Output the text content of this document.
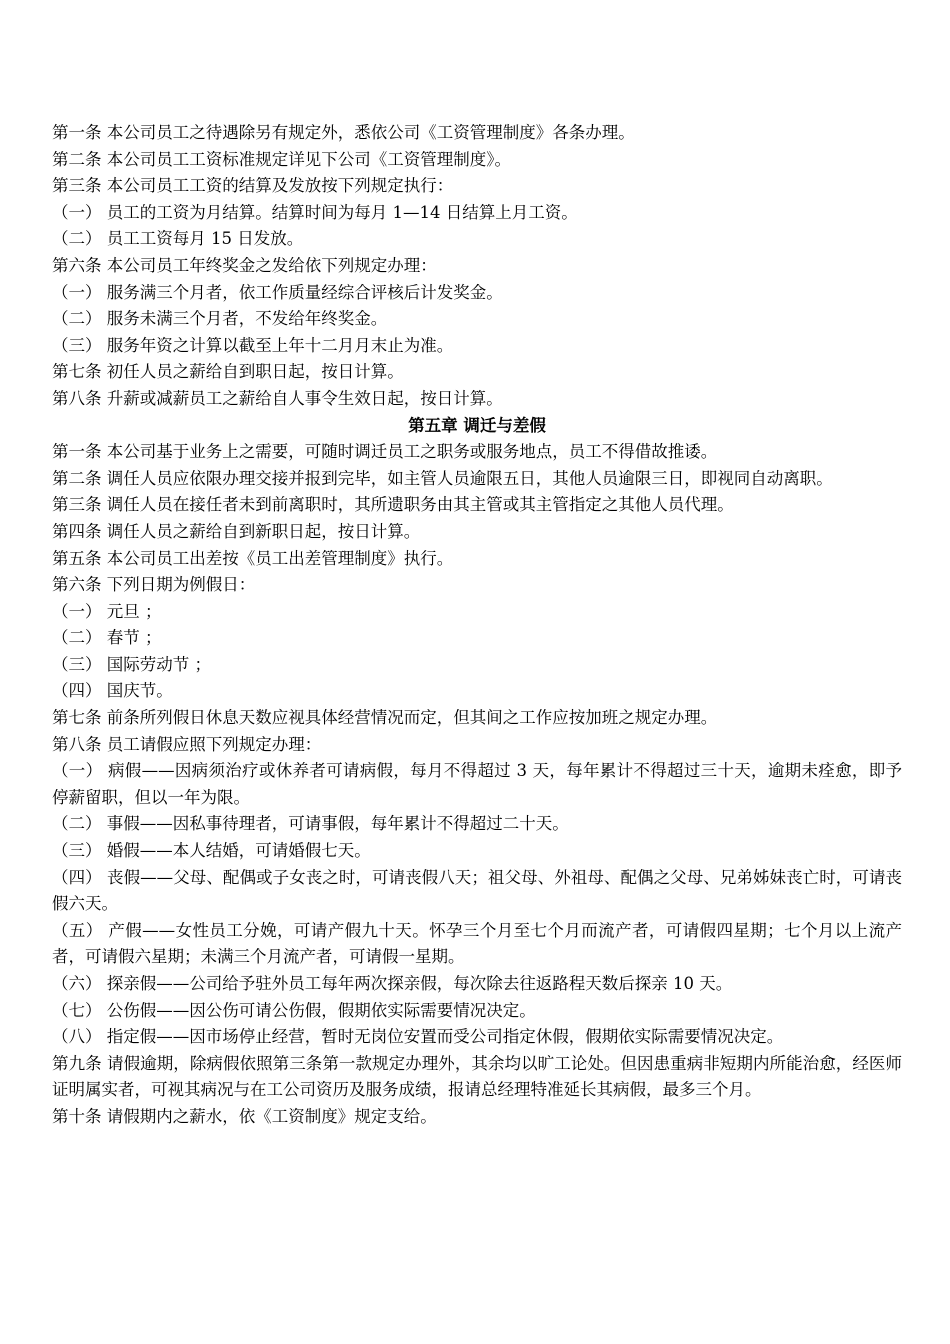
第一条 本公司员工之待遇除另有规定外，悉依公司《工资管理制度》各条办理。
第二条 本公司员工工资标准规定详见下公司《工资管理制度》。
第三条 本公司员工工资的结算及发放按下列规定执行：
（一） 员工的工资为月结算。结算时间为每月 1—14 日结算上月工资。
（二） 员工工资每月 15 日发放。
第六条 本公司员工年终奖金之发给依下列规定办理：
（一） 服务满三个月者，依工作质量经综合评核后计发奖金。
（二） 服务未满三个月者，不发给年终奖金。
（三） 服务年资之计算以截至上年十二月月末止为准。
第七条 初任人员之薪给自到职日起，按日计算。
第八条 升薪或减薪员工之薪给自人事令生效日起，按日计算。
第五章 调迁与差假
第一条 本公司基于业务上之需要，可随时调迁员工之职务或服务地点，员工不得借故推诿。
第二条 调任人员应依限办理交接并报到完毕，如主管人员逾限五日，其他人员逾限三日，即视同自动离职。
第三条 调任人员在接任者未到前离职时，其所遗职务由其主管或其主管指定之其他人员代理。
第四条 调任人员之薪给自到新职日起，按日计算。
第五条 本公司员工出差按《员工出差管理制度》执行。
第六条 下列日期为例假日：
（一） 元旦 ；
（二） 春节 ；
（三） 国际劳动节 ；
（四） 国庆节。
第七条 前条所列假日休息天数应视具体经营情况而定，但其间之工作应按加班之规定办理。
第八条 员工请假应照下列规定办理：
（一） 病假——因病须治疗或休养者可请病假，每月不得超过 3 天，每年累计不得超过三十天，逾期未痊愈，即予停薪留职，但以一年为限。
（二） 事假——因私事待理者，可请事假，每年累计不得超过二十天。
（三） 婚假——本人结婚，可请婚假七天。
（四） 丧假——父母、配偶或子女丧之时，可请丧假八天；祖父母、外祖母、配偶之父母、兄弟姊妹丧亡时，可请丧假六天。
（五） 产假——女性员工分娩，可请产假九十天。怀孕三个月至七个月而流产者，可请假四星期；七个月以上流产者，可请假六星期；未满三个月流产者，可请假一星期。
（六） 探亲假——公司给予驻外员工每年两次探亲假，每次除去往返路程天数后探亲 10 天。
（七） 公伤假——因公伤可请公伤假，假期依实际需要情况决定。
（八） 指定假——因市场停止经营，暂时无岗位安置而受公司指定休假，假期依实际需要情况决定。
第九条 请假逾期，除病假依照第三条第一款规定办理外，其余均以旷工论处。但因患重病非短期内所能治愈，经医师证明属实者，可视其病况与在工公司资历及服务成绩，报请总经理特准延长其病假，最多三个月。
第十条 请假期内之薪水，依《工资制度》规定支给。
